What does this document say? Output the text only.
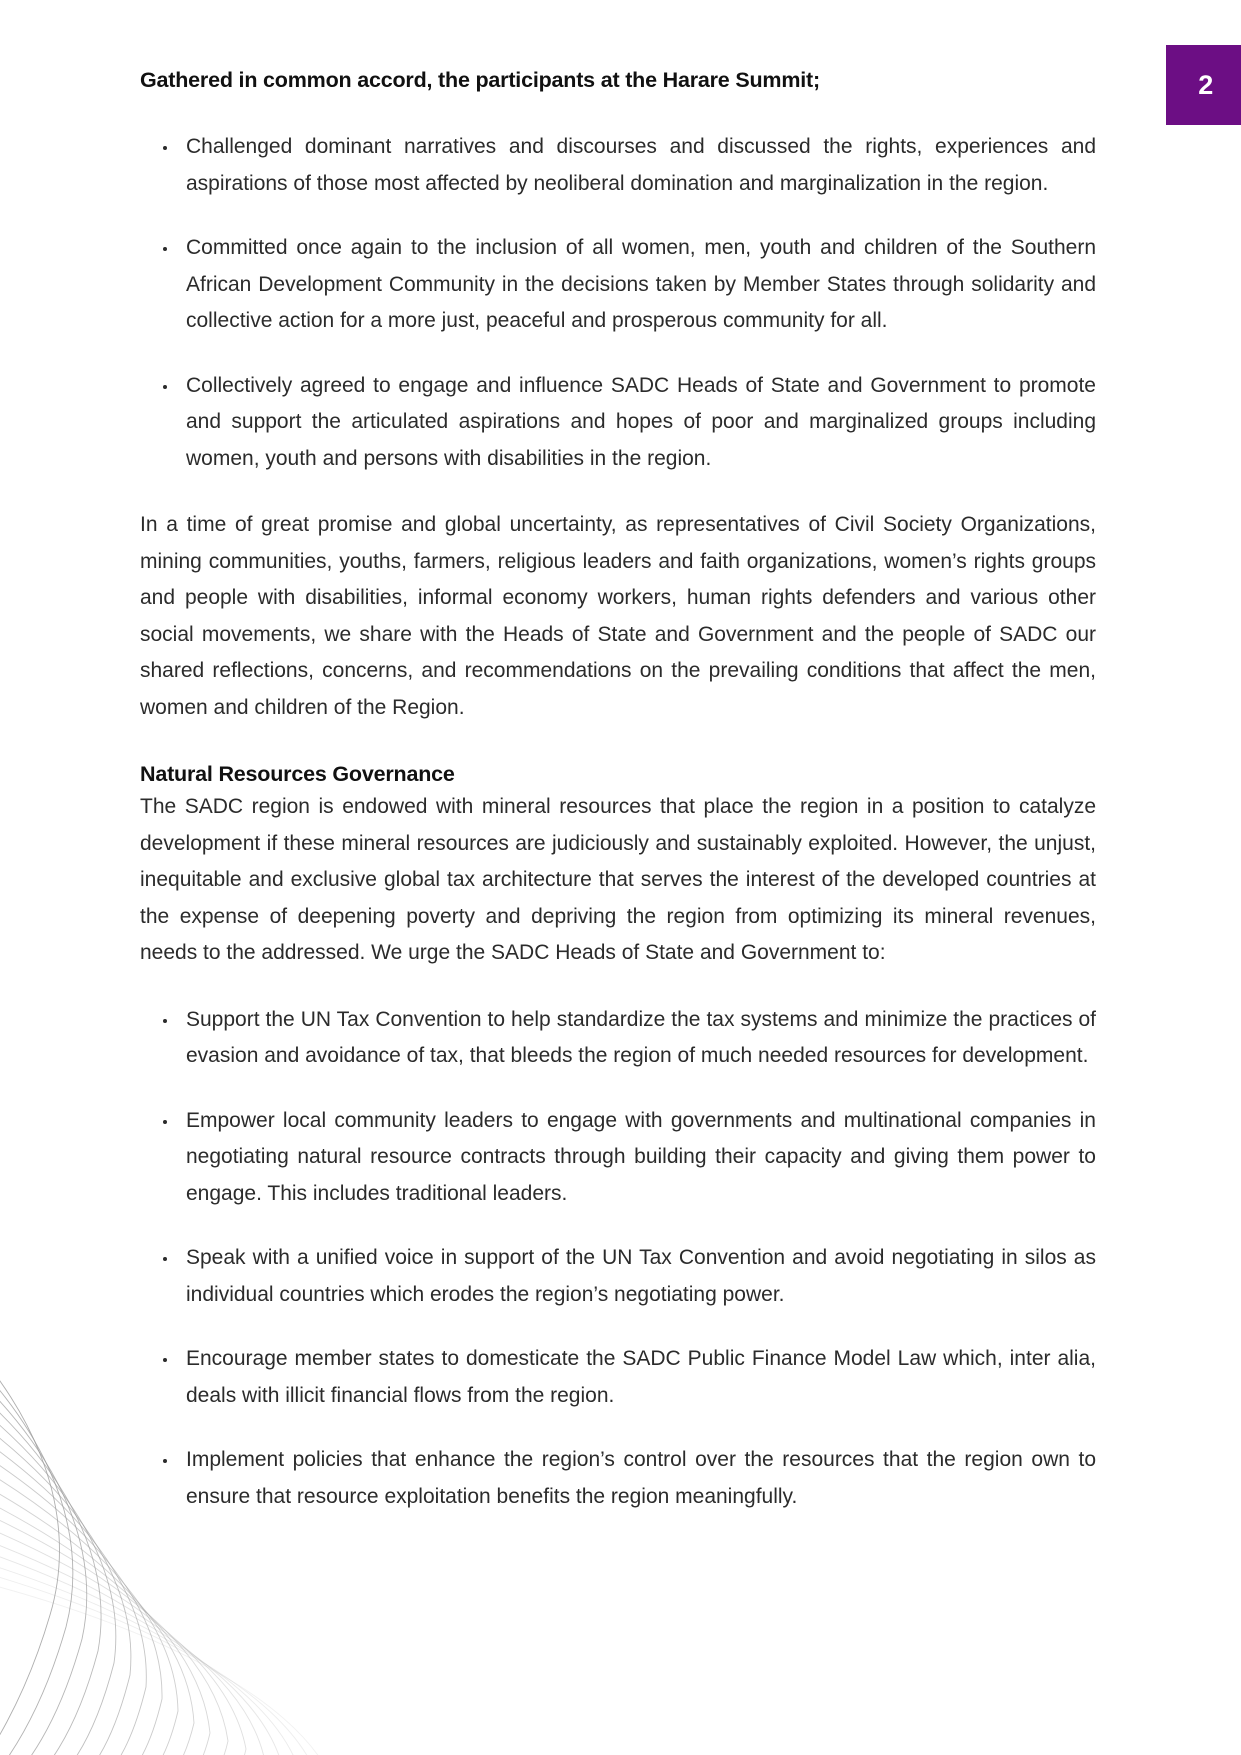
2
Gathered in common accord, the participants at the Harare Summit;
Challenged dominant narratives and discourses and discussed the rights, experiences and aspirations of those most affected by neoliberal domination and marginalization in the region.
Committed once again to the inclusion of all women, men, youth and children of the Southern African Development Community in the decisions taken by Member States through solidarity and collective action for a more just, peaceful and prosperous community for all.
Collectively agreed to engage and influence SADC Heads of State and Government to promote and support the articulated aspirations and hopes of poor and marginalized groups including women, youth and persons with disabilities in the region.

In a time of great promise and global uncertainty, as representatives of Civil Society Organizations, mining communities, youths, farmers, religious leaders and faith organizations, women’s rights groups and people with disabilities, informal economy workers, human rights defenders and various other social movements, we share with the Heads of State and Government and the people of SADC our shared reflections, concerns, and recommendations on the prevailing conditions that affect the men, women and children of the Region.

Natural Resources Governance

The SADC region is endowed with mineral resources that place the region in a position to catalyze development if these mineral resources are judiciously and sustainably exploited. However, the unjust, inequitable and exclusive global tax architecture that serves the interest of the developed countries at the expense of deepening poverty and depriving the region from optimizing its mineral revenues, needs to the addressed. We urge the SADC Heads of State and Government to:

Support the UN Tax Convention to help standardize the tax systems and minimize the practices of evasion and avoidance of tax, that bleeds the region of much needed resources for development.
Empower local community leaders to engage with governments and multinational companies in negotiating natural resource contracts through building their capacity and giving them power to engage. This includes traditional leaders.
Speak with a unified voice in support of the UN Tax Convention and avoid negotiating in silos as individual countries which erodes the region’s negotiating power.
Encourage member states to domesticate the SADC Public Finance Model Law which, inter alia, deals with illicit financial flows from the region.
Implement policies that enhance the region’s control over the resources that the region own to ensure that resource exploitation benefits the region meaningfully.
